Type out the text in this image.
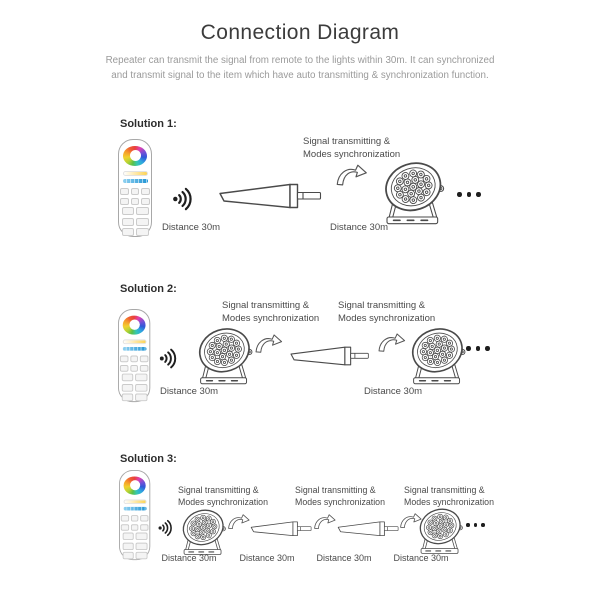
Connection Diagram
Repeater can transmit the signal from remote to the lights within 30m. It can synchronized
and transmit signal to the item which have auto transmitting & synchronization function.
Solution 1:
Distance 30m
Signal transmitting &
Modes synchronization
Distance 30m
Solution 2:
Distance 30m
Signal transmitting &
Modes synchronization
Signal transmitting &
Modes synchronization
Distance 30m
Solution 3:
Signal transmitting &
Modes synchronization
Signal transmitting &
Modes synchronization
Signal transmitting &
Modes synchronization
Distance 30m	Distance 30m	Distance 30m	Distance 30m
